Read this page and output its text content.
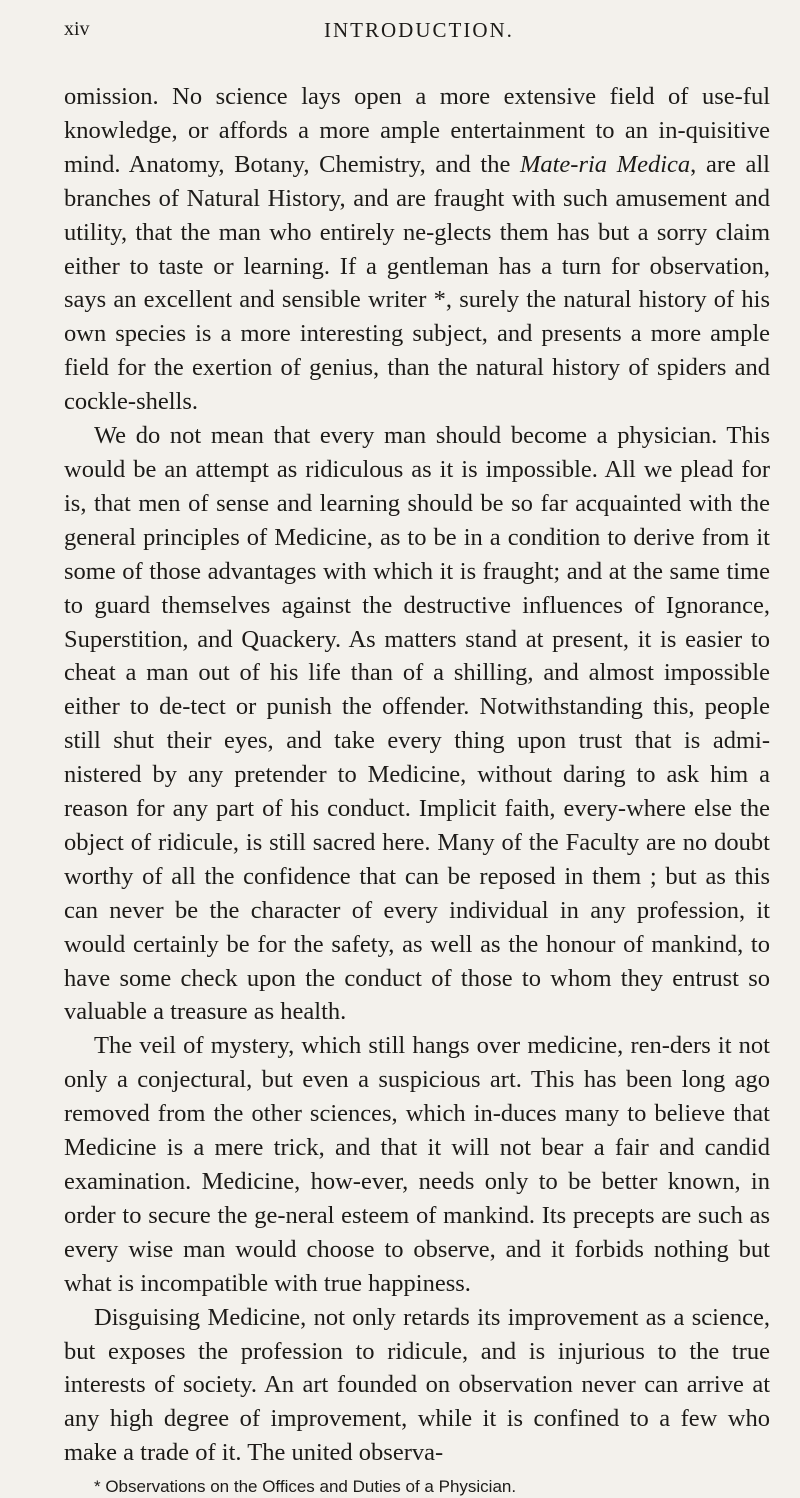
xiv	INTRODUCTION.

omission. No science lays open a more extensive field of use-ful knowledge, or affords a more ample entertainment to an in-quisitive mind. Anatomy, Botany, Chemistry, and the Mate-ria Medica, are all branches of Natural History, and are fraught with such amusement and utility, that the man who entirely ne-glects them has but a sorry claim either to taste or learning. If a gentleman has a turn for observation, says an excellent and sensible writer *, surely the natural history of his own species is a more interesting subject, and presents a more ample field for the exertion of genius, than the natural history of spiders and cockle-shells.

We do not mean that every man should become a physician. This would be an attempt as ridiculous as it is impossible. All we plead for is, that men of sense and learning should be so far acquainted with the general principles of Medicine, as to be in a condition to derive from it some of those advantages with which it is fraught; and at the same time to guard themselves against the destructive influences of Ignorance, Superstition, and Quackery. As matters stand at present, it is easier to cheat a man out of his life than of a shilling, and almost impossible either to de-tect or punish the offender. Notwithstanding this, people still shut their eyes, and take every thing upon trust that is admi-nistered by any pretender to Medicine, without daring to ask him a reason for any part of his conduct. Implicit faith, every-where else the object of ridicule, is still sacred here. Many of the Faculty are no doubt worthy of all the confidence that can be reposed in them ; but as this can never be the character of every individual in any profession, it would certainly be for the safety, as well as the honour of mankind, to have some check upon the conduct of those to whom they entrust so valuable a treasure as health.

The veil of mystery, which still hangs over medicine, ren-ders it not only a conjectural, but even a suspicious art. This has been long ago removed from the other sciences, which in-duces many to believe that Medicine is a mere trick, and that it will not bear a fair and candid examination. Medicine, how-ever, needs only to be better known, in order to secure the ge-neral esteem of mankind. Its precepts are such as every wise man would choose to observe, and it forbids nothing but what is incompatible with true happiness.

Disguising Medicine, not only retards its improvement as a science, but exposes the profession to ridicule, and is injurious to the true interests of society. An art founded on observation never can arrive at any high degree of improvement, while it is confined to a few who make a trade of it. The united observa-

* Observations on the Offices and Duties of a Physician.
